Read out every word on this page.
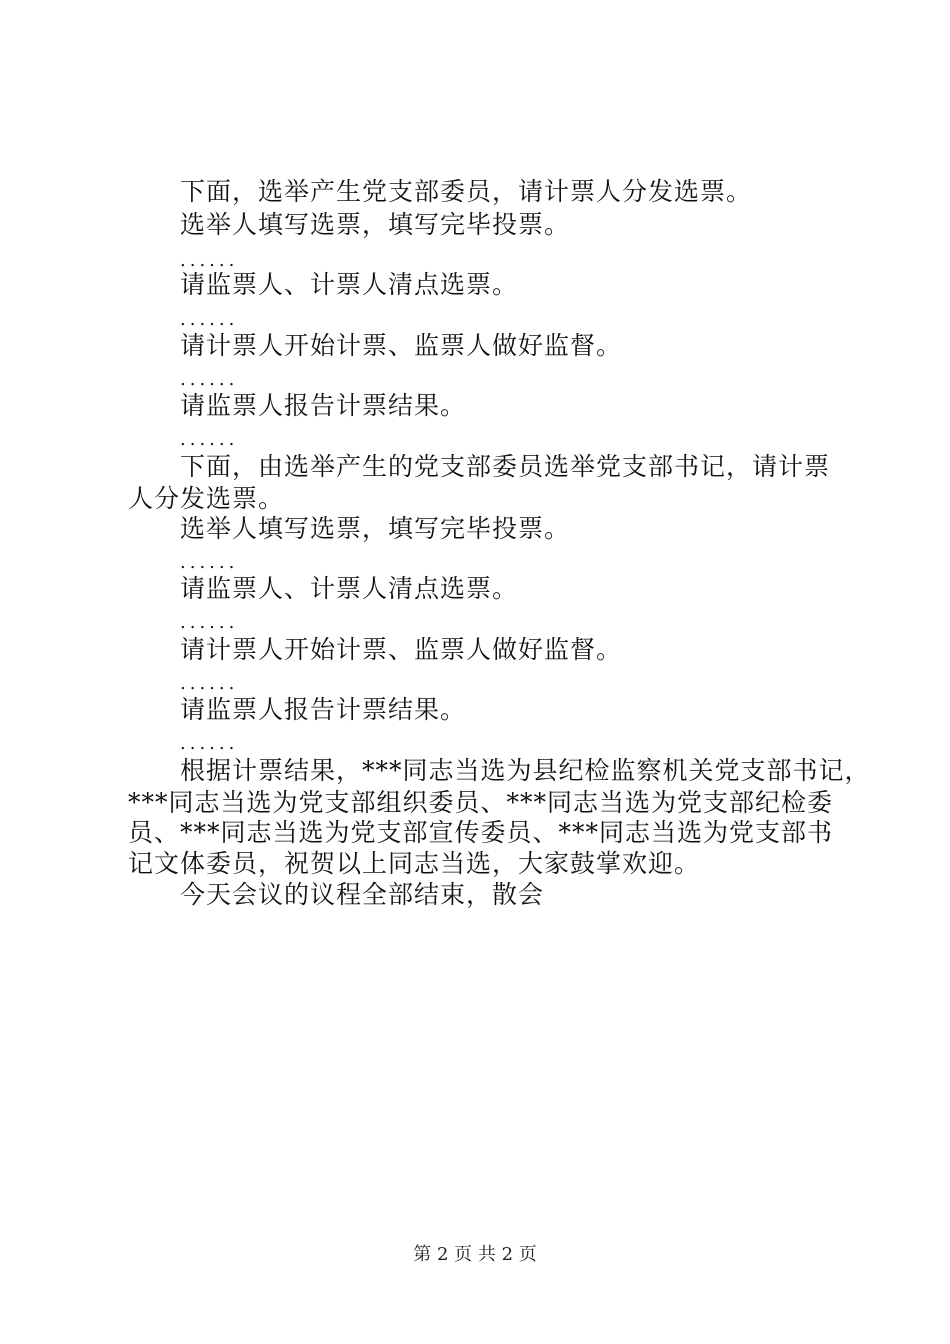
下面，选举产生党支部委员，请计票人分发选票。
选举人填写选票，填写完毕投票。
......
请监票人、计票人清点选票。
......
请计票人开始计票、监票人做好监督。
......
请监票人报告计票结果。
......
下面，由选举产生的党支部委员选举党支部书记，请计票
人分发选票。
选举人填写选票，填写完毕投票。
......
请监票人、计票人清点选票。
......
请计票人开始计票、监票人做好监督。
......
请监票人报告计票结果。
......
根据计票结果，***同志当选为县纪检监察机关党支部书记，
***同志当选为党支部组织委员、***同志当选为党支部纪检委
员、***同志当选为党支部宣传委员、***同志当选为党支部书
记文体委员，祝贺以上同志当选，大家鼓掌欢迎。
今天会议的议程全部结束，散会
第 2 页 共 2 页
